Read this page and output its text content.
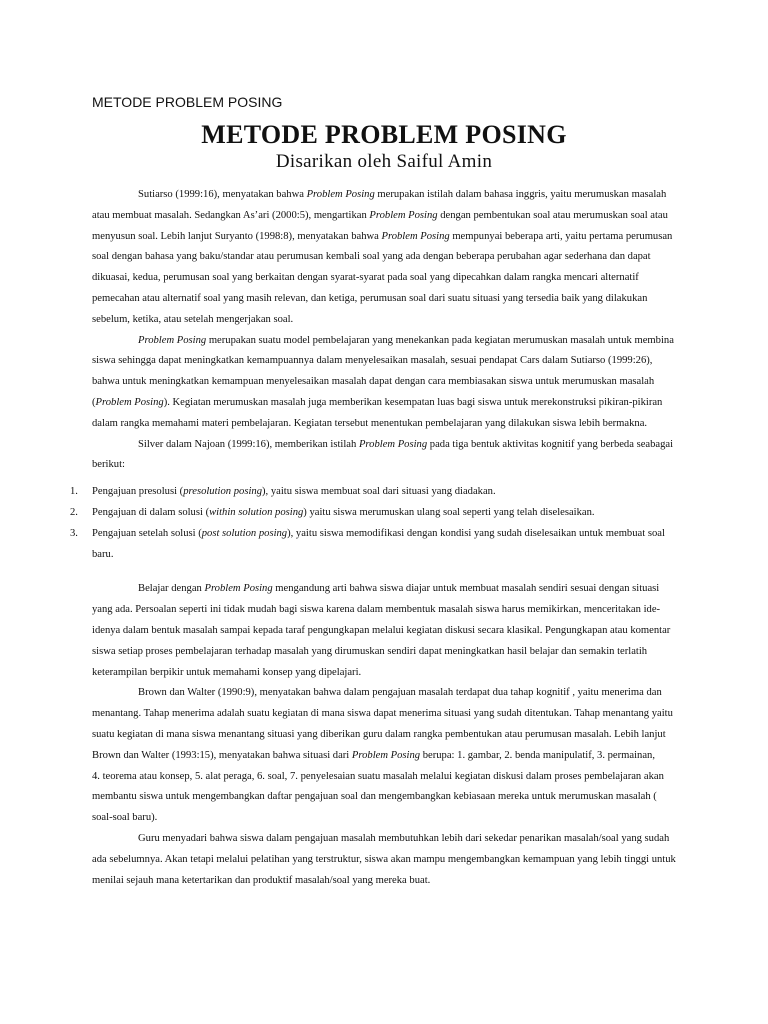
METODE PROBLEM POSING
METODE PROBLEM POSING
Disarikan oleh Saiful Amin

Sutiarso (1999:16), menyatakan bahwa Problem Posing merupakan istilah dalam bahasa inggris, yaitu merumuskan masalah atau membuat masalah. Sedangkan As’ari (2000:5), mengartikan Problem Posing dengan pembentukan soal atau merumuskan soal atau menyusun soal. Lebih lanjut Suryanto (1998:8), menyatakan bahwa Problem Posing mempunyai beberapa arti, yaitu pertama perumusan soal dengan bahasa yang baku/standar atau perumusan kembali soal yang ada dengan beberapa perubahan agar sederhana dan dapat dikuasai, kedua, perumusan soal yang berkaitan dengan syarat-syarat pada soal yang dipecahkan dalam rangka mencari alternatif pemecahan atau alternatif soal yang masih relevan, dan ketiga, perumusan soal dari suatu situasi yang tersedia baik yang dilakukan sebelum, ketika, atau setelah mengerjakan soal.

Problem Posing merupakan suatu model pembelajaran yang menekankan pada kegiatan merumuskan masalah untuk membina siswa sehingga dapat meningkatkan kemampuannya dalam menyelesaikan masalah, sesuai pendapat Cars dalam Sutiarso (1999:26), bahwa untuk meningkatkan kemampuan menyelesaikan masalah dapat dengan cara membiasakan siswa untuk merumuskan masalah (Problem Posing). Kegiatan merumuskan masalah juga memberikan kesempatan luas bagi siswa untuk merekonstruksi pikiran-pikiran dalam rangka memahami materi pembelajaran. Kegiatan tersebut menentukan pembelajaran yang dilakukan siswa lebih bermakna.

Silver dalam Najoan (1999:16), memberikan istilah Problem Posing pada tiga bentuk aktivitas kognitif yang berbeda seabagai berikut:

1. Pengajuan presolusi (presolution posing), yaitu siswa membuat soal dari situasi yang diadakan.
2. Pengajuan di dalam solusi (within solution posing) yaitu siswa merumuskan ulang soal seperti yang telah diselesaikan.
3. Pengajuan setelah solusi (post solution posing), yaitu siswa memodifikasi dengan kondisi yang sudah diselesaikan untuk membuat soal baru.

Belajar dengan Problem Posing mengandung arti bahwa siswa diajar untuk membuat masalah sendiri sesuai dengan situasi yang ada. Persoalan seperti ini tidak mudah bagi siswa karena dalam membentuk masalah siswa harus memikirkan, menceritakan ide-idenya dalam bentuk masalah sampai kepada taraf pengungkapan melalui kegiatan diskusi secara klasikal. Pengungkapan atau komentar siswa setiap proses pembelajaran terhadap masalah yang dirumuskan sendiri dapat meningkatkan hasil belajar dan semakin terlatih keterampilan berpikir untuk memahami konsep yang dipelajari.

Brown dan Walter (1990:9), menyatakan bahwa dalam pengajuan masalah terdapat dua tahap kognitif , yaitu menerima dan menantang. Tahap menerima adalah suatu kegiatan di mana siswa dapat menerima situasi yang sudah ditentukan. Tahap menantang yaitu suatu kegiatan di mana siswa menantang situasi yang diberikan guru dalam rangka pembentukan atau perumusan masalah. Lebih lanjut Brown dan Walter (1993:15), menyatakan bahwa situasi dari Problem Posing berupa: 1. gambar, 2. benda manipulatif, 3. permainan,

4. teorema atau konsep, 5. alat peraga, 6. soal, 7. penyelesaian suatu masalah melalui kegiatan diskusi dalam proses pembelajaran akan membantu siswa untuk mengembangkan daftar pengajuan soal dan mengembangkan kebiasaan mereka untuk merumuskan masalah ( soal-soal baru).

Guru menyadari bahwa siswa dalam pengajuan masalah membutuhkan lebih dari sekedar penarikan masalah/soal yang sudah ada sebelumnya. Akan tetapi melalui pelatihan yang terstruktur, siswa akan mampu mengembangkan kemampuan yang lebih tinggi untuk menilai sejauh mana ketertarikan dan produktif masalah/soal yang mereka buat.
